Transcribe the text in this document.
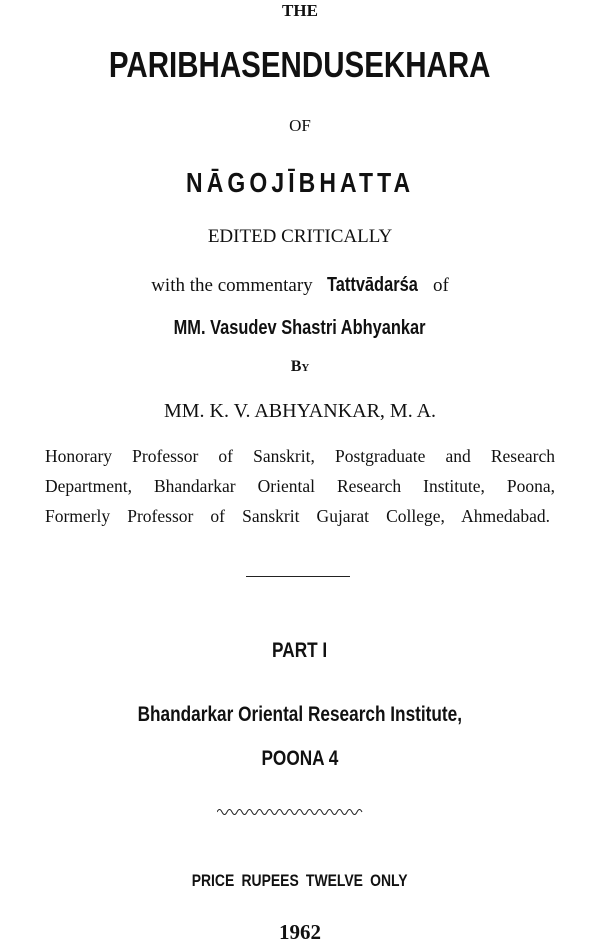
THE
PARIBHASENDUSEKHARA
OF
NĀGOJĪBHATTA
EDITED CRITICALLY
with the commentary Tattvādarśa of
MM. Vasudev Shastri Abhyankar
By
MM. K. V. ABHYANKAR, M. A.
Honorary Professor of Sanskrit, Postgraduate and Research
Department, Bhandarkar Oriental Research Institute, Poona,
Formerly Professor of Sanskrit Gujarat College, Ahmedabad.
PART I
Bhandarkar Oriental Research Institute,
POONA 4
PRICE RUPEES TWELVE ONLY
1962
